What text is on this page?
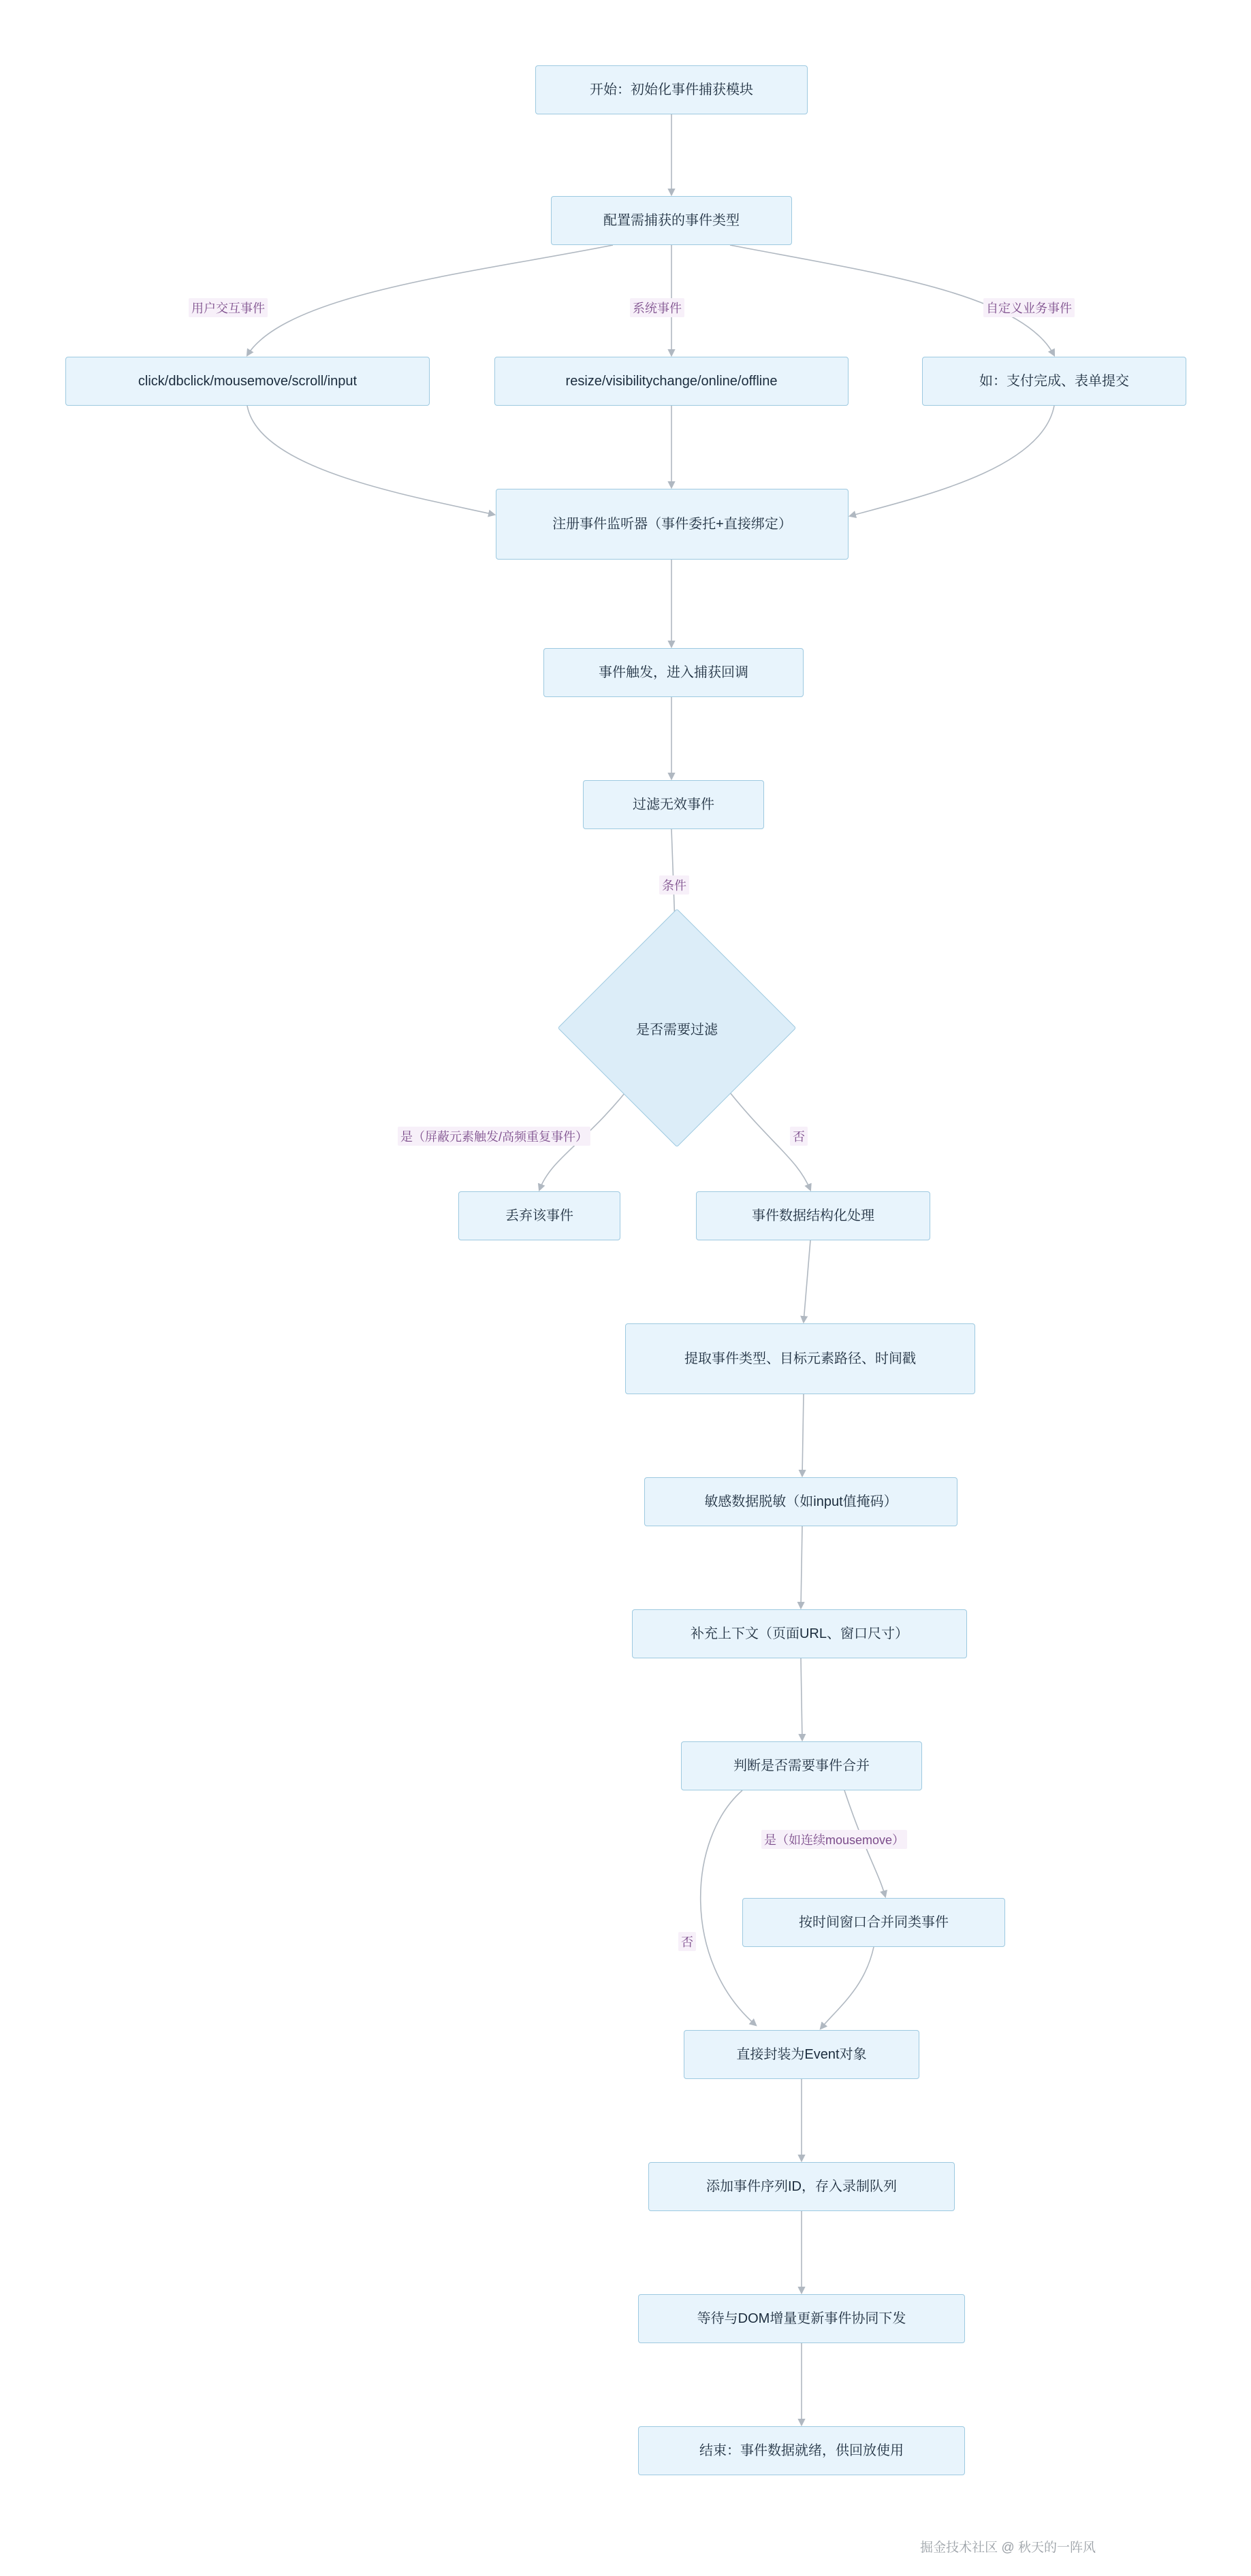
开始：初始化事件捕获模块
配置需捕获的事件类型
click/dbclick/mousemove/scroll/input	resize/visibilitychange/online/offline	如：支付完成、表单提交
注册事件监听器（事件委托+直接绑定）
事件触发，进入捕获回调
过滤无效事件
是否需要过滤
丢弃该事件	事件数据结构化处理
提取事件类型、目标元素路径、时间戳
敏感数据脱敏（如input值掩码）
补充上下文（页面URL、窗口尺寸）
判断是否需要事件合并
按时间窗口合并同类事件
直接封装为Event对象
添加事件序列ID，存入录制队列
等待与DOM增量更新事件协同下发
结束：事件数据就绪，供回放使用
用户交互事件	系统事件	自定义业务事件
条件
是（屏蔽元素触发/高频重复事件）	否
是（如连续mousemove）
否
掘金技术社区 @ 秋天的一阵风
